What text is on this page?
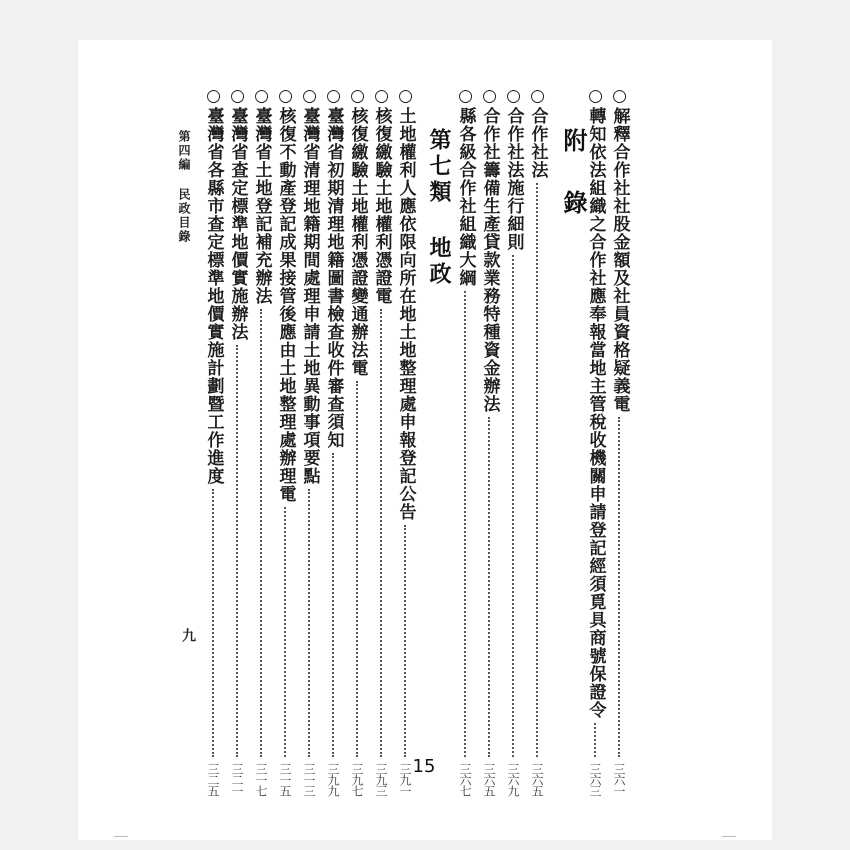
○解釋合作社社股金額及社員資格疑義電
三六一
○轉知依法組織之合作社應奉報當地主管稅收機關申請登記經須覓具商號保證令
三六三
附錄
○合作社法
三六五
○合作社法施行細則
三六九
○合作社籌備生產貸款業務特種資金辦法
三六五
○縣各級合作社組織大綱
三六七
第七類 地政
○土地權利人應依限向所在地土地整理處申報登記公告
三九一
○核復繳驗土地權利憑證電
三九三
○核復繳驗土地權利憑證變通辦法電
三九七
○臺灣省初期清理地籍圖書檢查收件審查須知
三九九
○臺灣省清理地籍期間處理申請土地異動事項要點
三一三
○核復不動產登記成果接管後應由土地整理處辦理電
三一五
○臺灣省土地登記補充辦法
三一七
○臺灣省查定標準地價實施辦法
三二一
○臺灣省各縣市查定標準地價實施計劃暨工作進度
三二五
第四編 民政目錄
九
15
